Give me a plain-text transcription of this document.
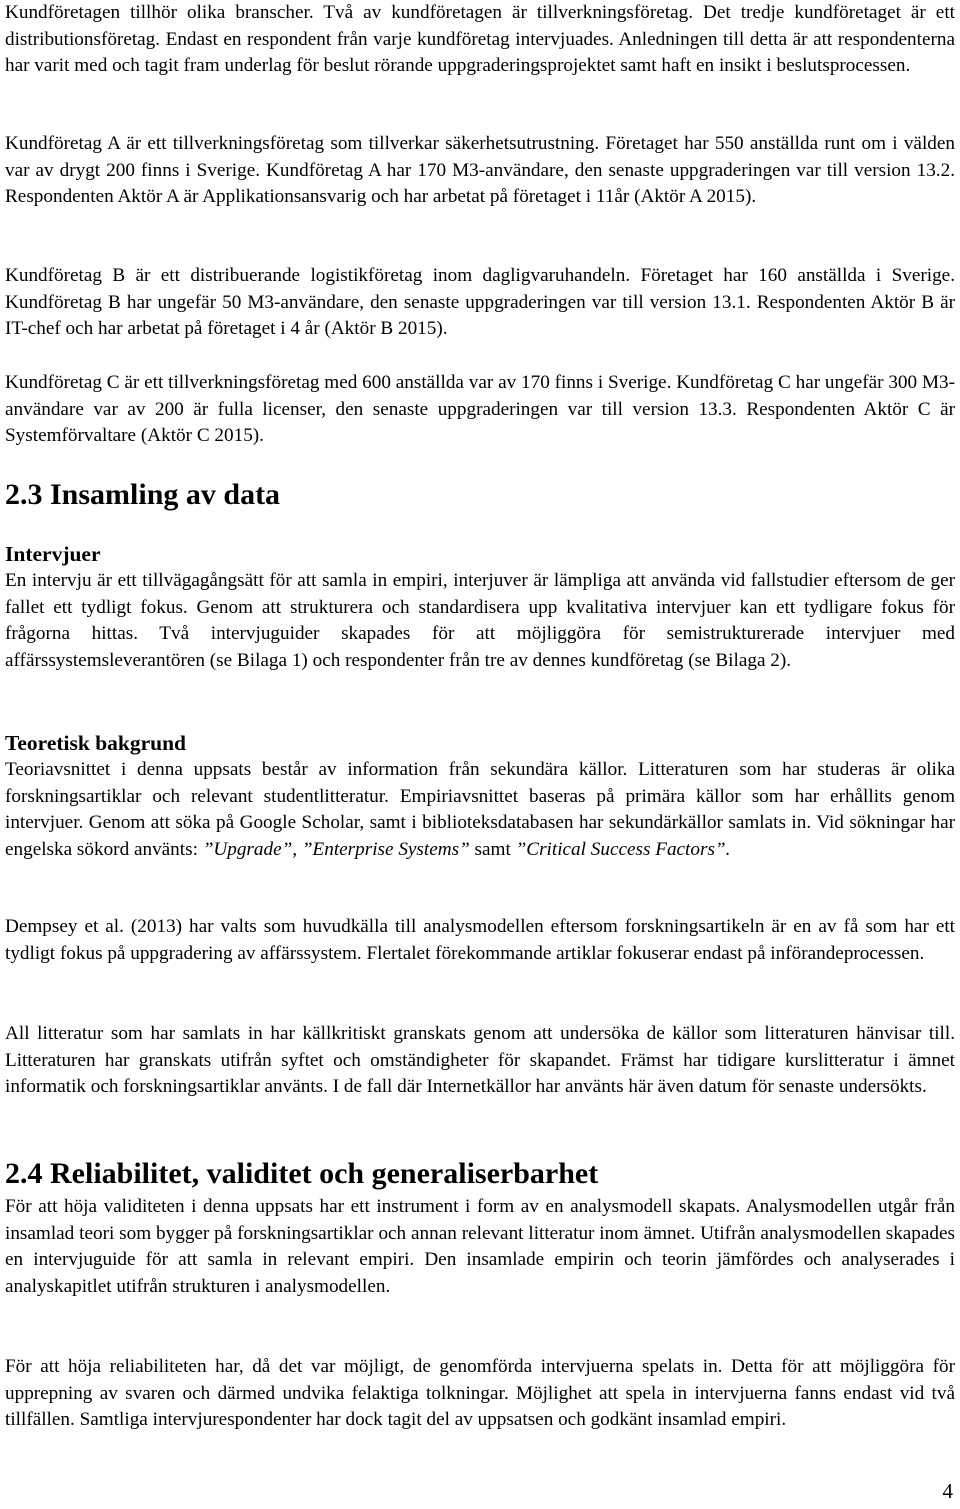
Kundföretagen tillhör olika branscher. Två av kundföretagen är tillverkningsföretag. Det tredje kundföretaget är ett distributionsföretag. Endast en respondent från varje kundföretag intervjuades. Anledningen till detta är att respondenterna har varit med och tagit fram underlag för beslut rörande uppgraderingsprojektet samt haft en insikt i beslutsprocessen.

Kundföretag A är ett tillverkningsföretag som tillverkar säkerhetsutrustning. Företaget har 550 anställda runt om i välden var av drygt 200 finns i Sverige. Kundföretag A har 170 M3-användare, den senaste uppgraderingen var till version 13.2. Respondenten Aktör A är Applikationsansvarig och har arbetat på företaget i 11år (Aktör A 2015).

Kundföretag B är ett distribuerande logistikföretag inom dagligvaruhandeln. Företaget har 160 anställda i Sverige. Kundföretag B har ungefär 50 M3-användare, den senaste uppgraderingen var till version 13.1. Respondenten Aktör B är IT-chef och har arbetat på företaget i 4 år (Aktör B 2015).

Kundföretag C är ett tillverkningsföretag med 600 anställda var av 170 finns i Sverige. Kundföretag C har ungefär 300 M3-användare var av 200 är fulla licenser, den senaste uppgraderingen var till version 13.3. Respondenten Aktör C är Systemförvaltare (Aktör C 2015).

2.3 Insamling av data
Intervjuer

En intervju är ett tillvägagångsätt för att samla in empiri, interjuver är lämpliga att använda vid fallstudier eftersom de ger fallet ett tydligt fokus. Genom att strukturera och standardisera upp kvalitativa intervjuer kan ett tydligare fokus för frågorna hittas. Två intervjuguider skapades för att möjliggöra för semistrukturerade intervjuer med affärssystemsleverantören (se Bilaga 1) och respondenter från tre av dennes kundföretag (se Bilaga 2).

Teoretisk bakgrund

Teoriavsnittet i denna uppsats består av information från sekundära källor. Litteraturen som har studeras är olika forskningsartiklar och relevant studentlitteratur. Empiriavsnittet baseras på primära källor som har erhållits genom intervjuer. Genom att söka på Google Scholar, samt i biblioteksdatabasen har sekundärkällor samlats in. Vid sökningar har engelska sökord använts: ”Upgrade”, ”Enterprise Systems” samt ”Critical Success Factors”.

Dempsey et al. (2013) har valts som huvudkälla till analysmodellen eftersom forskningsartikeln är en av få som har ett tydligt fokus på uppgradering av affärssystem. Flertalet förekommande artiklar fokuserar endast på införandeprocessen.

All litteratur som har samlats in har källkritiskt granskats genom att undersöka de källor som litteraturen hänvisar till. Litteraturen har granskats utifrån syftet och omständigheter för skapandet. Främst har tidigare kurslitteratur i ämnet informatik och forskningsartiklar använts. I de fall där Internetkällor har använts här även datum för senaste undersökts.

2.4 Reliabilitet, validitet och generaliserbarhet

För att höja validiteten i denna uppsats har ett instrument i form av en analysmodell skapats. Analysmodellen utgår från insamlad teori som bygger på forskningsartiklar och annan relevant litteratur inom ämnet. Utifrån analysmodellen skapades en intervjuguide för att samla in relevant empiri. Den insamlade empirin och teorin jämfördes och analyserades i analyskapitlet utifrån strukturen i analysmodellen.

För att höja reliabiliteten har, då det var möjligt, de genomförda intervjuerna spelats in. Detta för att möjliggöra för upprepning av svaren och därmed undvika felaktiga tolkningar. Möjlighet att spela in intervjuerna fanns endast vid två tillfällen. Samtliga intervjurespondenter har dock tagit del av uppsatsen och godkänt insamlad empiri.

4
